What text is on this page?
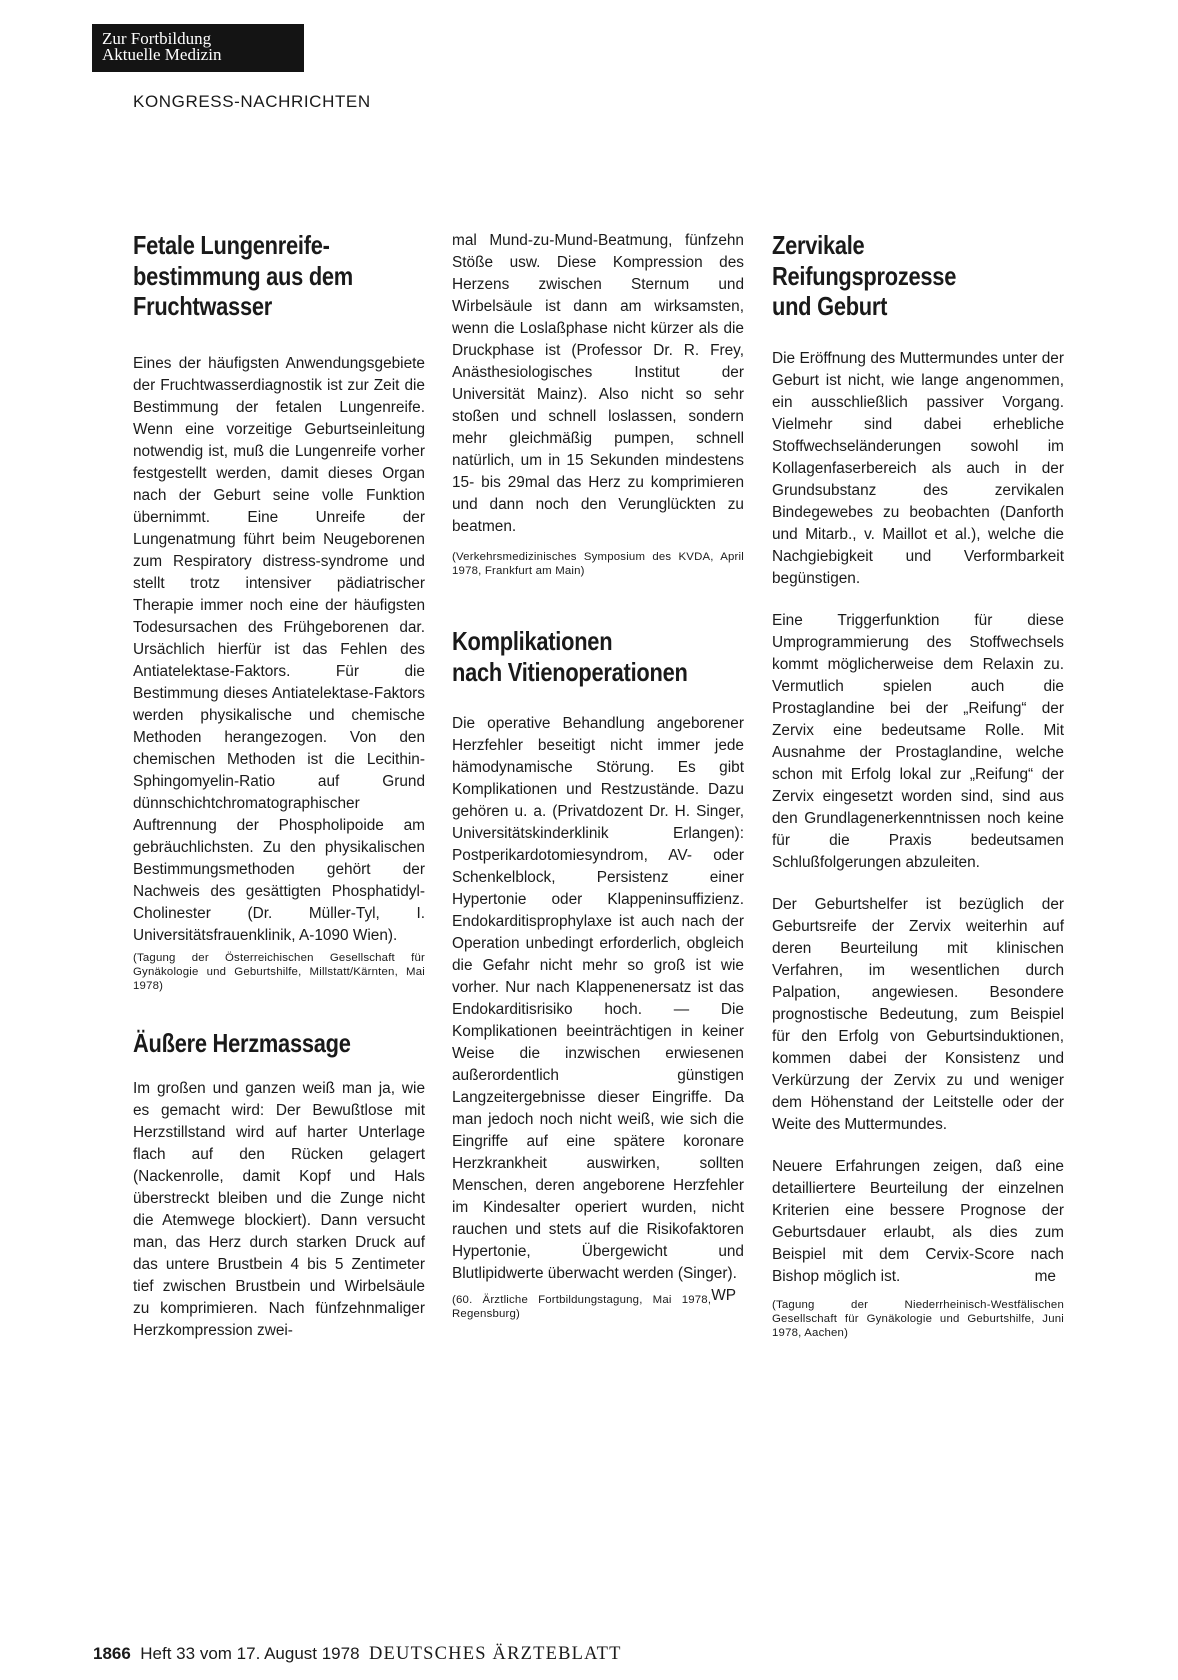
Zur Fortbildung
Aktuelle Medizin
KONGRESS-NACHRICHTEN
Fetale Lungenreife-
bestimmung aus dem
Fruchtwasser

Eines der häufigsten Anwendungsgebiete der Fruchtwasserdiagnostik ist zur Zeit die Bestimmung der fetalen Lungenreife. Wenn eine vorzeitige Geburtseinleitung notwendig ist, muß die Lungenreife vorher festgestellt werden, damit dieses Organ nach der Geburt seine volle Funktion übernimmt. Eine Unreife der Lungenatmung führt beim Neugeborenen zum Respiratory distress-syndrome und stellt trotz intensiver pädiatrischer Therapie immer noch eine der häufigsten Todesursachen des Frühgeborenen dar. Ursächlich hierfür ist das Fehlen des Antiatelektase-Faktors. Für die Bestimmung dieses Antiatelektase-Faktors werden physikalische und chemische Methoden herangezogen. Von den chemischen Methoden ist die Lecithin-Sphingomyelin-Ratio auf Grund dünnschichtchromatographischer Auftrennung der Phospholipoide am gebräuchlichsten. Zu den physikalischen Bestimmungsmethoden gehört der Nachweis des gesättigten Phosphatidyl-Cholinester (Dr. Müller-Tyl, I. Universitätsfrauenklinik, A-1090 Wien).

(Tagung der Österreichischen Gesellschaft für Gynäkologie und Geburtshilfe, Millstatt/Kärnten, Mai 1978)

Äußere Herzmassage

Im großen und ganzen weiß man ja, wie es gemacht wird: Der Bewußtlose mit Herzstillstand wird auf harter Unterlage flach auf den Rücken gelagert (Nackenrolle, damit Kopf und Hals überstreckt bleiben und die Zunge nicht die Atemwege blockiert). Dann versucht man, das Herz durch starken Druck auf das untere Brustbein 4 bis 5 Zentimeter tief zwischen Brustbein und Wirbelsäule zu komprimieren. Nach fünfzehnmaliger Herzkompression zwei-

mal Mund-zu-Mund-Beatmung, fünfzehn Stöße usw. Diese Kompression des Herzens zwischen Sternum und Wirbelsäule ist dann am wirksamsten, wenn die Loslaßphase nicht kürzer als die Druckphase ist (Professor Dr. R. Frey, Anästhesiologisches Institut der Universität Mainz). Also nicht so sehr stoßen und schnell loslassen, sondern mehr gleichmäßig pumpen, schnell natürlich, um in 15 Sekunden mindestens 15- bis 29mal das Herz zu komprimieren und dann noch den Verunglückten zu beatmen.

(Verkehrsmedizinisches Symposium des KVDA, April 1978, Frankfurt am Main)

Komplikationen
nach Vitienoperationen

Die operative Behandlung angeborener Herzfehler beseitigt nicht immer jede hämodynamische Störung. Es gibt Komplikationen und Restzustände. Dazu gehören u. a. (Privatdozent Dr. H. Singer, Universitätskinderklinik Erlangen): Postperikardotomiesyndrom, AV- oder Schenkelblock, Persistenz einer Hypertonie oder Klappeninsuffizienz. Endokarditisprophylaxe ist auch nach der Operation unbedingt erforderlich, obgleich die Gefahr nicht mehr so groß ist wie vorher. Nur nach Klappenenersatz ist das Endokarditisrisiko hoch. — Die Komplikationen beeinträchtigen in keiner Weise die inzwischen erwiesenen außerordentlich günstigen Langzeitergebnisse dieser Eingriffe. Da man jedoch noch nicht weiß, wie sich die Eingriffe auf eine spätere koronare Herzkrankheit auswirken, sollten Menschen, deren angeborene Herzfehler im Kindesalter operiert wurden, nicht rauchen und stets auf die Risikofaktoren Hypertonie, Übergewicht und Blutlipidwerte überwacht werden (Singer).
WP

(60. Ärztliche Fortbildungstagung, Mai 1978, Regensburg)

Zervikale
Reifungsprozesse
und Geburt

Die Eröffnung des Muttermundes unter der Geburt ist nicht, wie lange angenommen, ein ausschließlich passiver Vorgang. Vielmehr sind dabei erhebliche Stoffwechseländerungen sowohl im Kollagenfaserbereich als auch in der Grundsubstanz des zervikalen Bindegewebes zu beobachten (Danforth und Mitarb., v. Maillot et al.), welche die Nachgiebigkeit und Verformbarkeit begünstigen.

Eine Triggerfunktion für diese Umprogrammierung des Stoffwechsels kommt möglicherweise dem Relaxin zu. Vermutlich spielen auch die Prostaglandine bei der „Reifung“ der Zervix eine bedeutsame Rolle. Mit Ausnahme der Prostaglandine, welche schon mit Erfolg lokal zur „Reifung“ der Zervix eingesetzt worden sind, sind aus den Grundlagenerkenntnissen noch keine für die Praxis bedeutsamen Schlußfolgerungen abzuleiten.

Der Geburtshelfer ist bezüglich der Geburtsreife der Zervix weiterhin auf deren Beurteilung mit klinischen Verfahren, im wesentlichen durch Palpation, angewiesen. Besondere prognostische Bedeutung, zum Beispiel für den Erfolg von Geburtsinduktionen, kommen dabei der Konsistenz und Verkürzung der Zervix zu und weniger dem Höhenstand der Leitstelle oder der Weite des Muttermundes.

Neuere Erfahrungen zeigen, daß eine detailliertere Beurteilung der einzelnen Kriterien eine bessere Prognose der Geburtsdauer erlaubt, als dies zum Beispiel mit dem Cervix-Score nach Bishop möglich ist.	me

(Tagung der Niederrheinisch-Westfälischen Gesellschaft für Gynäkologie und Geburtshilfe, Juni 1978, Aachen)

1866 Heft 33 vom 17. August 1978 DEUTSCHES ÄRZTEBLATT
